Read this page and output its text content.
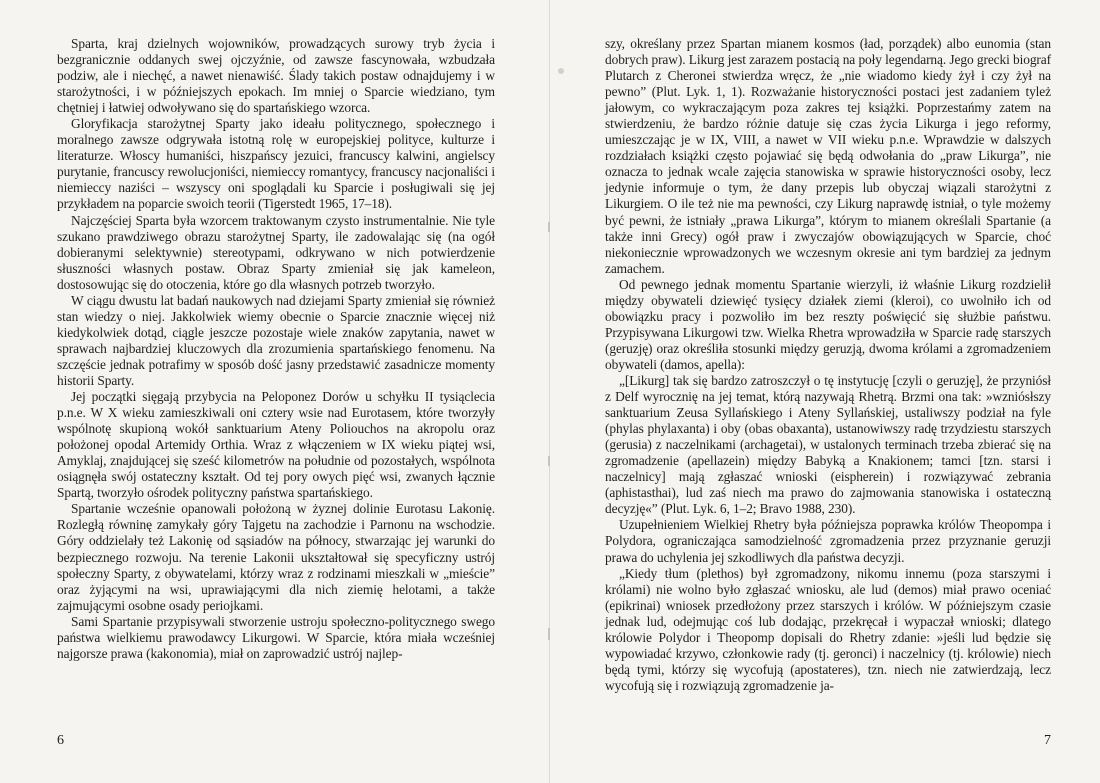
Sparta, kraj dzielnych wojowników, prowadzących surowy tryb życia i bezgranicznie oddanych swej ojczyźnie, od zawsze fascynowała, wzbudzała podziw, ale i niechęć, a nawet nienawiść. Ślady takich postaw odnajdujemy i w starożytności, i w późniejszych epokach. Im mniej o Sparcie wiedziano, tym chętniej i łatwiej odwoływano się do spartańskiego wzorca.

Gloryfikacja starożytnej Sparty jako ideału politycznego, społecznego i moralnego zawsze odgrywała istotną rolę w europejskiej polityce, kulturze i literaturze. Włoscy humaniści, hiszpańscy jezuici, francuscy kalwini, angielscy purytanie, francuscy rewolucjoniści, niemieccy romantycy, francuscy nacjonaliści i niemieccy naziści – wszyscy oni spoglądali ku Sparcie i posługiwali się jej przykładem na poparcie swoich teorii (Tigerstedt 1965, 17–18).

Najczęściej Sparta była wzorcem traktowanym czysto instrumentalnie. Nie tyle szukano prawdziwego obrazu starożytnej Sparty, ile zadowalając się (na ogół dobieranymi selektywnie) stereotypami, odkrywano w nich potwierdzenie słuszności własnych postaw. Obraz Sparty zmieniał się jak kameleon, dostosowując się do otoczenia, które go dla własnych potrzeb tworzyło.

W ciągu dwustu lat badań naukowych nad dziejami Sparty zmieniał się również stan wiedzy o niej. Jakkolwiek wiemy obecnie o Sparcie znacznie więcej niż kiedykolwiek dotąd, ciągle jeszcze pozostaje wiele znaków zapytania, nawet w sprawach najbardziej kluczowych dla zrozumienia spartańskiego fenomenu. Na szczęście jednak potrafimy w sposób dość jasny przedstawić zasadnicze momenty historii Sparty.

Jej początki sięgają przybycia na Peloponez Dorów u schyłku II tysiąclecia p.n.e. W X wieku zamieszkiwali oni cztery wsie nad Eurotasem, które tworzyły wspólnotę skupioną wokół sanktuarium Ateny Poliouchos na akropolu oraz położonej opodal Artemidy Orthia. Wraz z włączeniem w IX wieku piątej wsi, Amyklaj, znajdującej się sześć kilometrów na południe od pozostałych, wspólnota osiągnęła swój ostateczny kształt. Od tej pory owych pięć wsi, zwanych łącznie Spartą, tworzyło ośrodek polityczny państwa spartańskiego.

Spartanie wcześnie opanowali położoną w żyznej dolinie Eurotasu Lakonię. Rozległą równinę zamykały góry Tajgetu na zachodzie i Parnonu na wschodzie. Góry oddzielały też Lakonię od sąsiadów na północy, stwarzając jej warunki do bezpiecznego rozwoju. Na terenie Lakonii ukształtował się specyficzny ustrój społeczny Sparty, z obywatelami, którzy wraz z rodzinami mieszkali w „mieście” oraz żyjącymi na wsi, uprawiającymi dla nich ziemię helotami, a także zajmującymi osobne osady periojkami.

Sami Spartanie przypisywali stworzenie ustroju społeczno-politycznego swego państwa wielkiemu prawodawcy Likurgowi. W Sparcie, która miała wcześniej najgorsze prawa (kakonomia), miał on zaprowadzić ustrój najlep-

6

szy, określany przez Spartan mianem kosmos (ład, porządek) albo eunomia (stan dobrych praw). Likurg jest zarazem postacią na poły legendarną. Jego grecki biograf Plutarch z Cheronei stwierdza wręcz, że „nie wiadomo kiedy żył i czy żył na pewno” (Plut. Lyk. 1, 1). Rozważanie historyczności postaci jest zadaniem tyleż jałowym, co wykraczającym poza zakres tej książki. Poprzestańmy zatem na stwierdzeniu, że bardzo różnie datuje się czas życia Likurga i jego reformy, umieszczając je w IX, VIII, a nawet w VII wieku p.n.e. Wprawdzie w dalszych rozdziałach książki często pojawiać się będą odwołania do „praw Likurga”, nie oznacza to jednak wcale zajęcia stanowiska w sprawie historyczności osoby, lecz jedynie informuje o tym, że dany przepis lub obyczaj wiązali starożytni z Likurgiem. O ile też nie ma pewności, czy Likurg naprawdę istniał, o tyle możemy być pewni, że istniały „prawa Likurga”, którym to mianem określali Spartanie (a także inni Grecy) ogół praw i zwyczajów obowiązujących w Sparcie, choć niekoniecznie wprowadzonych we wczesnym okresie ani tym bardziej za jednym zamachem.

Od pewnego jednak momentu Spartanie wierzyli, iż właśnie Likurg rozdzielił między obywateli dziewięć tysięcy działek ziemi (kleroi), co uwolniło ich od obowiązku pracy i pozwoliło im bez reszty poświęcić się służbie państwu. Przypisywana Likurgowi tzw. Wielka Rhetra wprowadziła w Sparcie radę starszych (geruzję) oraz określiła stosunki między geruzją, dwoma królami a zgromadzeniem obywateli (damos, apella):

„[Likurg] tak się bardzo zatroszczył o tę instytucję [czyli o geruzję], że przyniósł z Delf wyrocznię na jej temat, którą nazywają Rhetrą. Brzmi ona tak: »wzniósłszy sanktuarium Zeusa Syllańskiego i Ateny Syllańskiej, ustaliwszy podział na fyle (phylas phylaxanta) i oby (obas obaxanta), ustanowiwszy radę trzydziestu starszych (gerusia) z naczelnikami (archagetai), w ustalonych terminach trzeba zbierać się na zgromadzenie (apellazein) między Babyką a Knakionem; tamci [tzn. starsi i naczelnicy] mają zgłaszać wnioski (eispherein) i rozwiązywać zebrania (aphistasthai), lud zaś niech ma prawo do zajmowania stanowiska i ostateczną decyzję«” (Plut. Lyk. 6, 1–2; Bravo 1988, 230).

Uzupełnieniem Wielkiej Rhetry była późniejsza poprawka królów Theopompa i Polydora, ograniczająca samodzielność zgromadzenia przez przyznanie geruzji prawa do uchylenia jej szkodliwych dla państwa decyzji.

„Kiedy tłum (plethos) był zgromadzony, nikomu innemu (poza starszymi i królami) nie wolno było zgłaszać wniosku, ale lud (demos) miał prawo oceniać (epikrinai) wniosek przedłożony przez starszych i królów. W późniejszym czasie jednak lud, odejmując coś lub dodając, przekręcał i wypaczał wnioski; dlatego królowie Polydor i Theopomp dopisali do Rhetry zdanie: »jeśli lud będzie się wypowiadać krzywo, członkowie rady (tj. geronci) i naczelnicy (tj. królowie) niech będą tymi, którzy się wycofują (apostateres), tzn. niech nie zatwierdzają, lecz wycofują się i rozwiązują zgromadzenie ja-

7
